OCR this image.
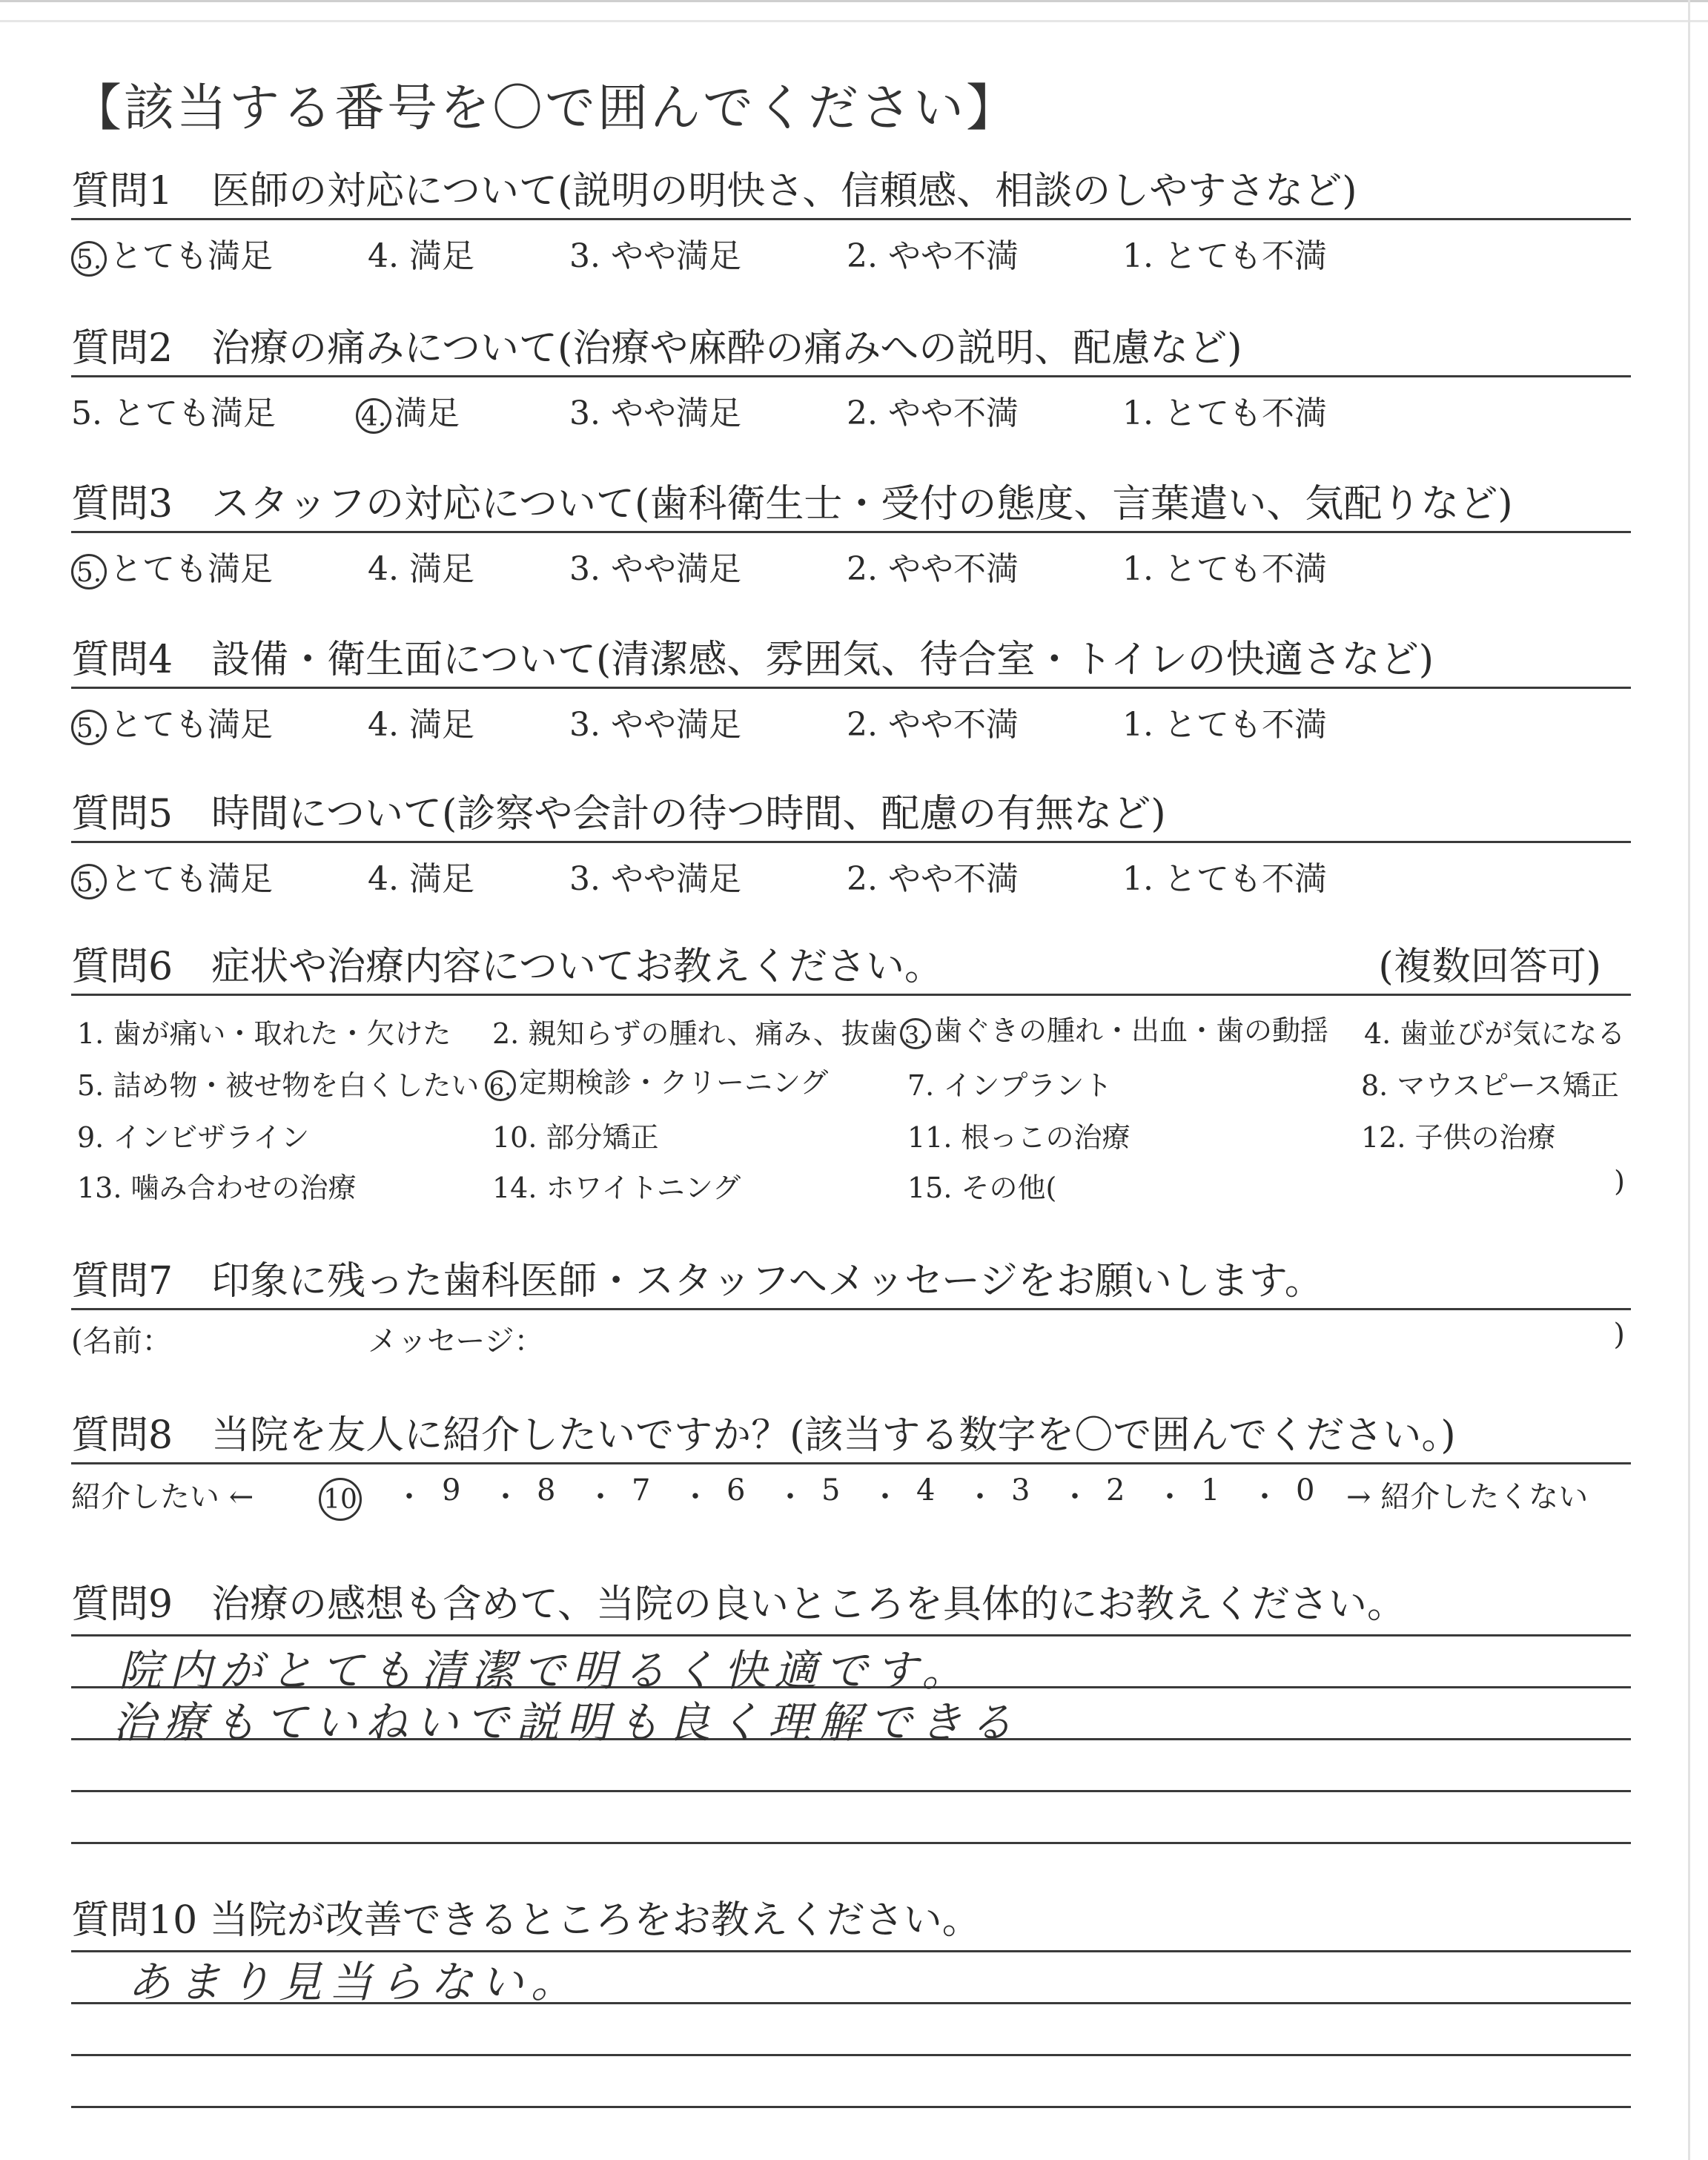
【該当する番号を〇で囲んでください】
質問1　医師の対応について(説明の明快さ、信頼感、相談のしやすさなど)
5. とても満足	4. 満足	3. やや満足	2. やや不満	1. とても不満
質問2　治療の痛みについて(治療や麻酔の痛みへの説明、配慮など)
5. とても満足	4. 満足	3. やや満足	2. やや不満	1. とても不満
質問3　スタッフの対応について(歯科衛生士・受付の態度、言葉遣い、気配りなど)
5. とても満足	4. 満足	3. やや満足	2. やや不満	1. とても不満
質問4　設備・衛生面について(清潔感、雰囲気、待合室・トイレの快適さなど)
5. とても満足	4. 満足	3. やや満足	2. やや不満	1. とても不満
質問5　時間について(診察や会計の待つ時間、配慮の有無など)
5. とても満足	4. 満足	3. やや満足	2. やや不満	1. とても不満
質問6　症状や治療内容についてお教えください。	(複数回答可)
1. 歯が痛い・取れた・欠けた 2. 親知らずの腫れ、痛み、抜歯 3. 歯ぐきの腫れ・出血・歯の動揺 4. 歯並びが気になる
5. 詰め物・被せ物を白くしたい 6. 定期検診・クリーニング	7. インプラント	8. マウスピース矯正
9. インビザライン	10. 部分矯正	11. 根っこの治療	12. 子供の治療
13. 噛み合わせの治療	14. ホワイトニング	15. その他(	)
質問7　印象に残った歯科医師・スタッフへメッセージをお願いします。
(名前：	メッセージ：	)
質問8　当院を友人に紹介したいですか？(該当する数字を〇で囲んでください。)
紹介したい ←	10 ・ 9 ・ 8 ・ 7 ・ 6 ・ 5 ・ 4 ・ 3 ・ 2 ・ 1 ・ 0 → 紹介したくない
質問9　治療の感想も含めて、当院の良いところを具体的にお教えください。
院内がとても清潔で明るく快適です。
治療もていねいで説明も良く理解できる
質問10 当院が改善できるところをお教えください。
あまり見当らない。
